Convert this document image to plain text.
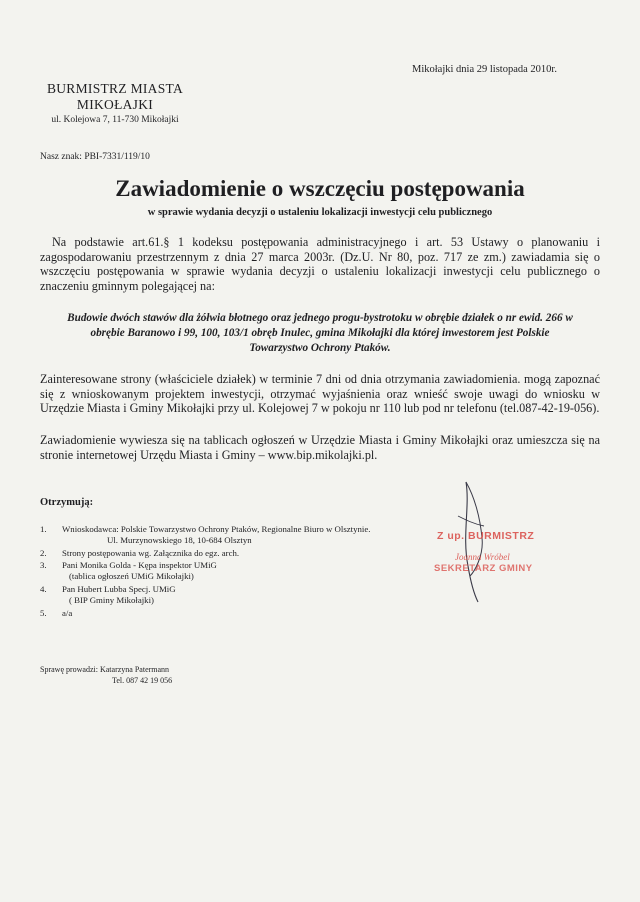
Mikołajki dnia 29 listopada 2010r.
BURMISTRZ MIASTA
MIKOŁAJKI
ul. Kolejowa 7, 11-730 Mikołajki
Nasz znak: PBI-7331/119/10
Zawiadomienie o wszczęciu postępowania
w sprawie wydania decyzji o ustaleniu lokalizacji inwestycji celu publicznego
Na podstawie art.61.§ 1 kodeksu postępowania administracyjnego i art. 53 Ustawy o planowaniu i zagospodarowaniu przestrzennym z dnia 27 marca 2003r. (Dz.U. Nr 80, poz. 717 ze zm.) zawiadamia się o wszczęciu postępowania w sprawie wydania decyzji o ustaleniu lokalizacji inwestycji celu publicznego o znaczeniu gminnym polegającej na:
Budowie dwóch stawów dla żółwia błotnego oraz jednego progu-bystrotoku w obrębie działek o nr ewid. 266 w obrębie Baranowo i 99, 100, 103/1 obręb Inulec, gmina Mikołajki dla której inwestorem jest Polskie Towarzystwo Ochrony Ptaków.
Zainteresowane strony (właściciele działek) w terminie 7 dni od dnia otrzymania zawiadomienia. mogą zapoznać się z wnioskowanym projektem inwestycji, otrzymać wyjaśnienia oraz wnieść swoje uwagi do wniosku w Urzędzie Miasta i Gminy Mikołajki przy ul. Kolejowej 7 w pokoju nr 110 lub pod nr telefonu (tel.087-42-19-056).
Zawiadomienie wywiesza się na tablicach ogłoszeń w Urzędzie Miasta i Gminy Mikołajki oraz umieszcza się na stronie internetowej Urzędu Miasta i Gminy – www.bip.mikolajki.pl.
Otrzymują:
1. Wnioskodawca: Polskie Towarzystwo Ochrony Ptaków, Regionalne Biuro w Olsztynie.
Ul. Murzynowskiego 18, 10-684 Olsztyn
2. Strony postępowania wg. Załącznika do egz. arch.
3. Pani Monika Golda - Kępa inspektor UMiG
(tablica ogłoszeń UMiG Mikołajki)
4. Pan Hubert Lubba Specj. UMiG
( BIP Gminy Mikołajki)
5. a/a
Sprawę prowadzi: Katarzyna Patermann
Tel. 087 42 19 056
Z up. BURMISTRZ
Joanna Wróbel
SEKRETARZ GMINY
